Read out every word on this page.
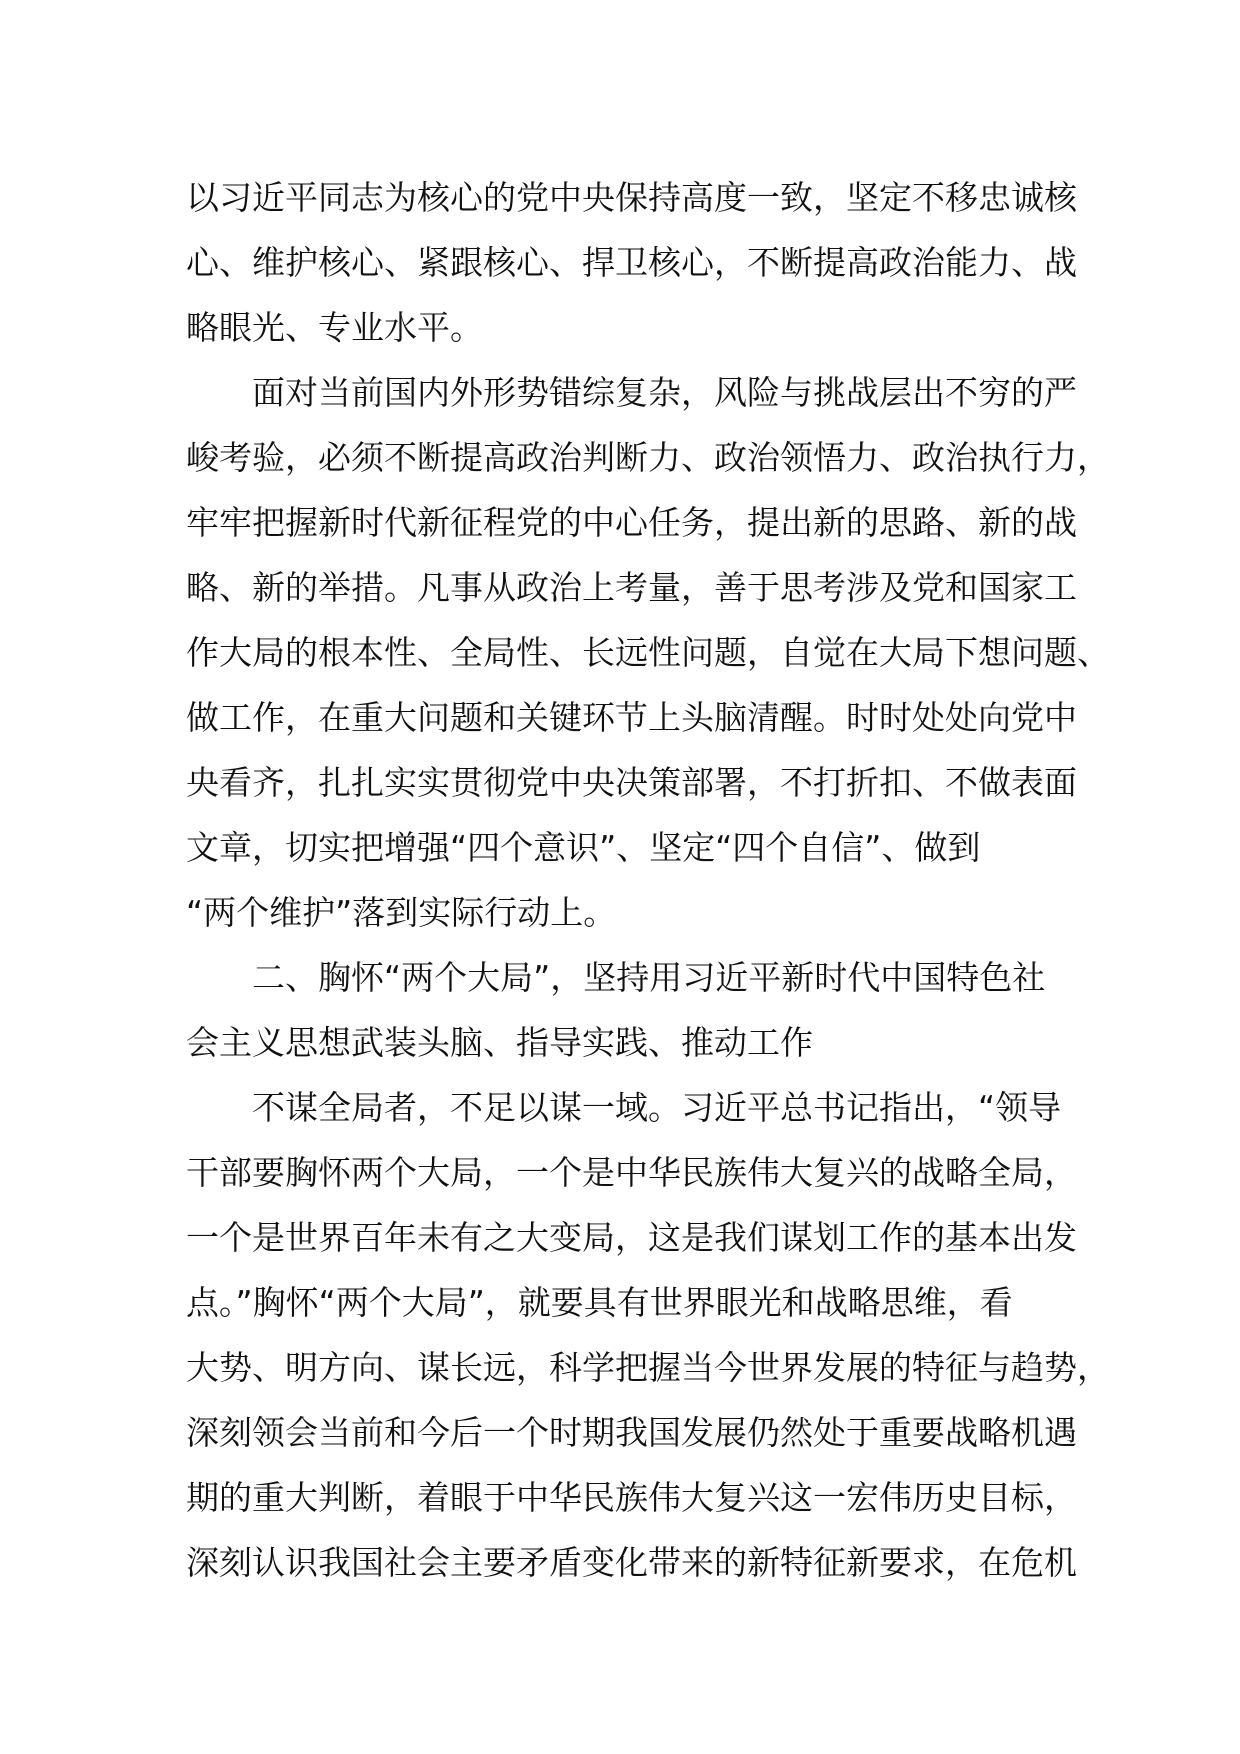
以习近平同志为核心的党中央保持高度一致，坚定不移忠诚核
心、维护核心、紧跟核心、捍卫核心，不断提高政治能力、战
略眼光、专业水平。
面对当前国内外形势错综复杂，风险与挑战层出不穷的严
峻考验，必须不断提高政治判断力、政治领悟力、政治执行力，
牢牢把握新时代新征程党的中心任务，提出新的思路、新的战
略、新的举措。凡事从政治上考量，善于思考涉及党和国家工
作大局的根本性、全局性、长远性问题，自觉在大局下想问题、
做工作，在重大问题和关键环节上头脑清醒。时时处处向党中
央看齐，扎扎实实贯彻党中央决策部署，不打折扣、不做表面
文章，切实把增强“四个意识”、坚定“四个自信”、做到
“两个维护”落到实际行动上。
二、胸怀“两个大局”，坚持用习近平新时代中国特色社
会主义思想武装头脑、指导实践、推动工作
不谋全局者，不足以谋一域。习近平总书记指出，“领导
干部要胸怀两个大局，一个是中华民族伟大复兴的战略全局，
一个是世界百年未有之大变局，这是我们谋划工作的基本出发
点。”胸怀“两个大局”，就要具有世界眼光和战略思维，看
大势、明方向、谋长远，科学把握当今世界发展的特征与趋势，
深刻领会当前和今后一个时期我国发展仍然处于重要战略机遇
期的重大判断，着眼于中华民族伟大复兴这一宏伟历史目标，
深刻认识我国社会主要矛盾变化带来的新特征新要求，在危机
